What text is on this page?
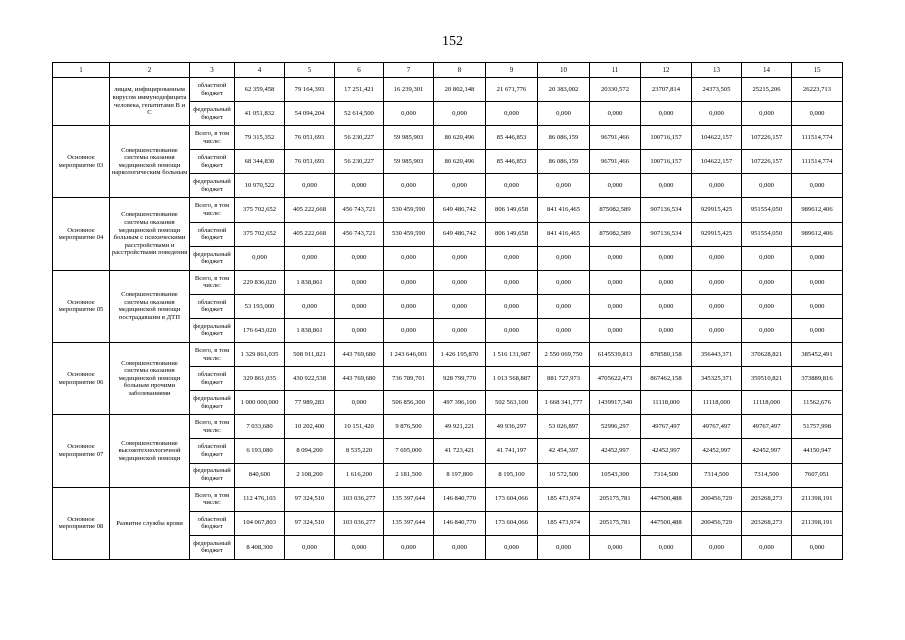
152
1	2	3	4	5	6	7	8	9	10	11	12	13	14	15
	лицам, инфицированным вирусом иммунодефицита человека, гепатитами B и C	областной бюджет	62 359,458	79 164,393	17 251,421	16 239,301	20 802,148	21 671,776	20 383,002	20330,572	23707,814	24373,505	25215,206	26223,713
		федеральный бюджет	41 051,832	54 094,204	52 614,500	0,000	0,000	0,000	0,000	0,000	0,000	0,000	0,000	0,000
Основное мероприятие 03	Совершенствование системы оказания медицинской помощи наркологическим больным	Всего, в том числе:	79 315,352	76 051,693	56 230,227	59 985,903	80 620,496	85 446,853	86 086,159	96791,466	100716,157	104622,157	107226,157	111514,774
		областной бюджет	68 344,830	76 051,693	56 230,227	59 985,903	80 620,496	85 446,853	86 086,159	96791,466	100716,157	104622,157	107226,157	111514,774
		федеральный бюджет	10 970,522	0,000	0,000	0,000	0,000	0,000	0,000	0,000	0,000	0,000	0,000	0,000
Основное мероприятие 04	Совершенствование системы оказания медицинской помощи больным с психическими расстройствами и расстройствами поведения	Всего, в том числе:	375 702,652	405 222,668	456 743,721	530 459,590	649 486,742	806 149,658	841 416,465	875082,589	907136,534	929915,425	951554,050	989612,406
		областной бюджет	375 702,652	405 222,668	456 743,721	530 459,590	649 486,742	806 149,658	841 416,465	875082,589	907136,534	929915,425	951554,050	989612,406
		федеральный бюджет	0,000	0,000	0,000	0,000	0,000	0,000	0,000	0,000	0,000	0,000	0,000	0,000
Основное мероприятие 05	Совершенствование системы оказания медицинской помощи пострадавшим в ДТП	Всего, в том числе:	229 836,020	1 838,861	0,000	0,000	0,000	0,000	0,000	0,000	0,000	0,000	0,000	0,000
		областной бюджет	53 193,000	0,000	0,000	0,000	0,000	0,000	0,000	0,000	0,000	0,000	0,000	0,000
		федеральный бюджет	176 643,020	1 838,861	0,000	0,000	0,000	0,000	0,000	0,000	0,000	0,000	0,000	0,000
Основное мероприятие 06	Совершенствование системы оказания медицинской помощи больным прочими заболеваниями	Всего, в том числе:	1 329 861,035	508 911,821	443 769,680	1 243 646,001	1 426 195,870	1 516 131,987	2 550 069,750	6145539,813	878580,158	356443,371	370628,821	385452,491
		областной бюджет	329 861,035	430 922,538	443 769,680	736 789,701	928 799,770	1 013 568,887	881 727,973	4705622,473	867462,158	345325,371	359510,821	373889,816
		федеральный бюджет	1 000 000,000	77 989,283	0,000	506 856,300	497 396,100	502 563,100	1 668 341,777	1439917,340	11118,000	11118,000	11118,000	11562,676
Основное мероприятие 07	Совершенствование высокотехнологичной медицинской помощи	Всего, в том числе:	7 033,680	10 202,400	10 151,420	9 876,500	49 921,221	49 936,297	53 026,897	52996,297	49767,497	49767,497	49767,497	51757,998
		областной бюджет	6 193,080	8 094,200	8 535,220	7 695,000	41 723,421	41 741,197	42 454,397	42452,997	42452,997	42452,997	42452,997	44150,947
		федеральный бюджет	840,600	2 108,200	1 616,200	2 181,500	8 197,800	8 195,100	10 572,500	10543,300	7314,500	7314,500	7314,500	7607,051
Основное мероприятие 08	Развитие службы крови	Всего, в том числе:	112 476,103	97 324,510	103 036,277	135 397,644	146 840,770	173 604,066	185 473,974	205175,781	447500,488	200456,729	203268,273	211398,191
		областной бюджет	104 067,803	97 324,510	103 036,277	135 397,644	146 840,770	173 604,066	185 473,974	205175,781	447500,488	200456,729	203268,273	211398,191
		федеральный бюджет	8 408,300	0,000	0,000	0,000	0,000	0,000	0,000	0,000	0,000	0,000	0,000	0,000
